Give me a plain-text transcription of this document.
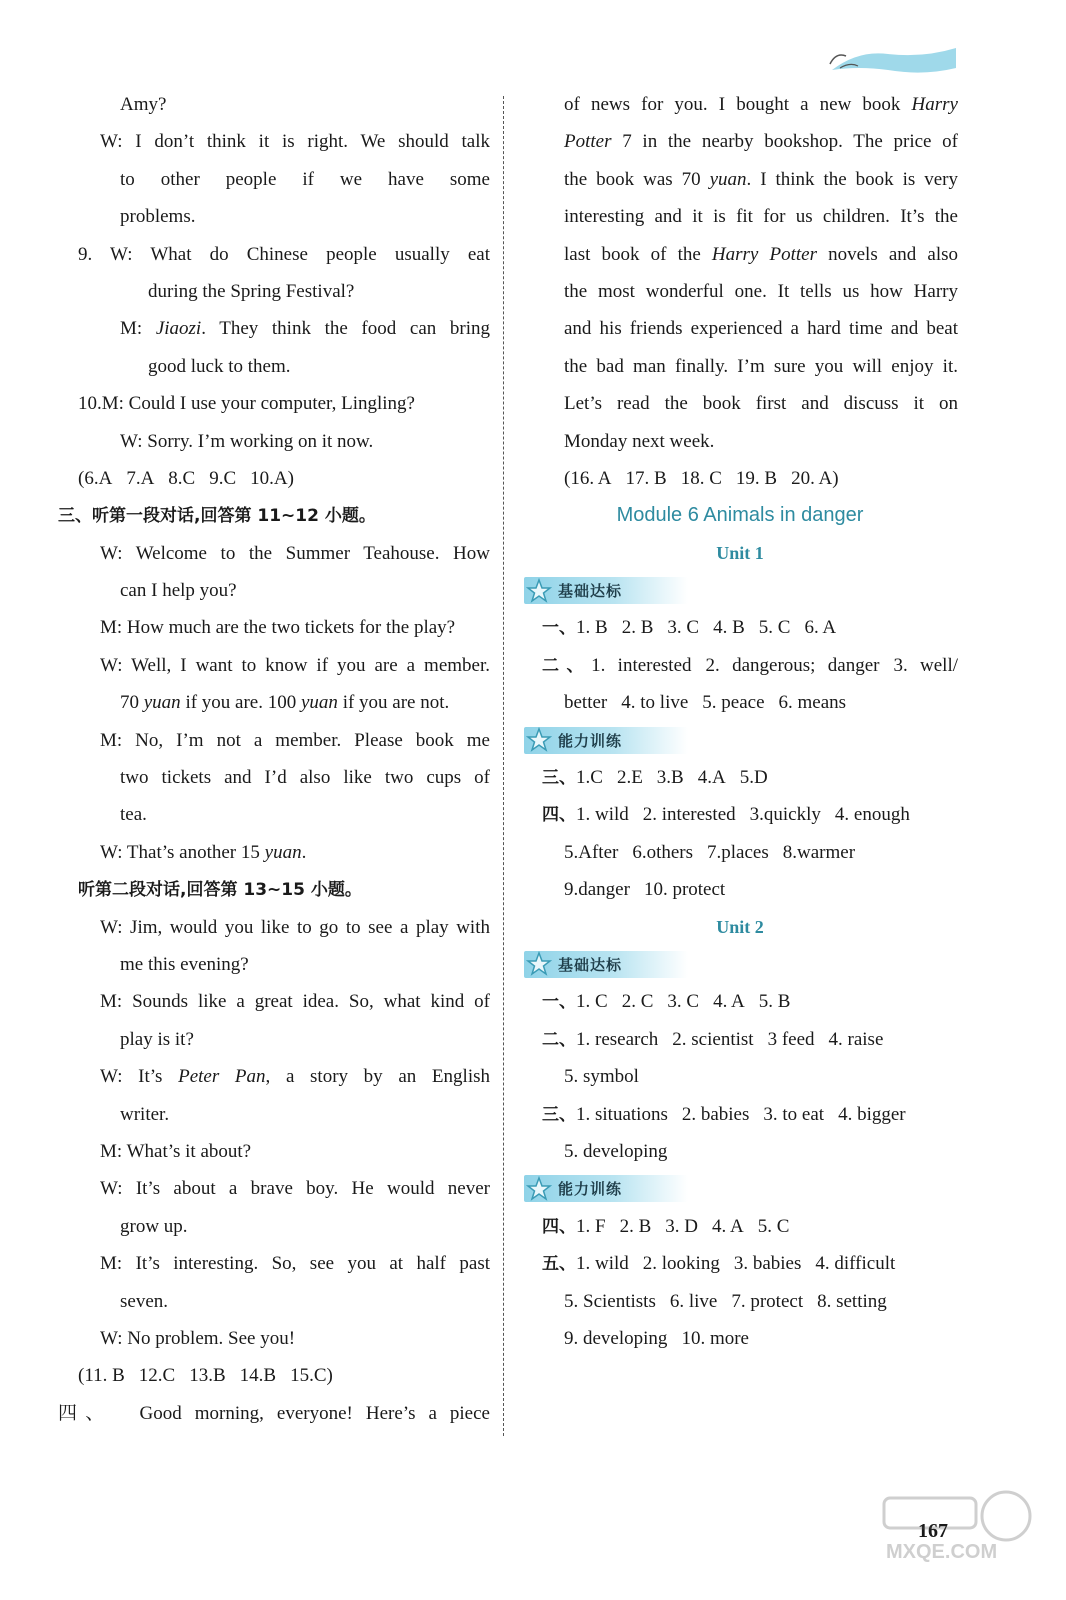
Amy?
W: I don’t think it is right. We should talk
to other people if we have some
problems.
9. W: What do Chinese people usually eat
during the Spring Festival?
M: Jiaozi. They think the food can bring
good luck to them.
10.M: Could I use your computer, Lingling?
W: Sorry. I’m working on it now.
(6.A 7.A 8.C 9.C 10.A)
三、听第一段对话,回答第 11~12 小题。
W: Welcome to the Summer Teahouse. How
can I help you?
M: How much are the two tickets for the play?
W: Well, I want to know if you are a member.
70 yuan if you are. 100 yuan if you are not.
M: No, I’m not a member. Please book me
two tickets and I’d also like two cups of
tea.
W: That’s another 15 yuan.
听第二段对话,回答第 13~15 小题。
W: Jim, would you like to go to see a play with
me this evening?
M: Sounds like a great idea. So, what kind of
play is it?
W: It’s Peter Pan, a story by an English
writer.
M: What’s it about?
W: It’s about a brave boy. He would never
grow up.
M: It’s interesting. So, see you at half past
seven.
W: No problem. See you!
(11. B 12.C 13.B 14.B 15.C)
四、 Good morning, everyone! Here’s a piece
of news for you. I bought a new book Harry
Potter 7 in the nearby bookshop. The price of
the book was 70 yuan. I think the book is very
interesting and it is fit for us children. It’s the
last book of the Harry Potter novels and also
the most wonderful one. It tells us how Harry
and his friends experienced a hard time and beat
the bad man finally. I’m sure you will enjoy it.
Let’s read the book first and discuss it on
Monday next week.
(16. A 17. B 18. C 19. B 20. A)
Module 6 Animals in danger
Unit 1
基础达标
一、1. B 2. B 3. C 4. B 5. C 6. A
二、1. interested 2. dangerous; danger 3. well/
better 4. to live 5. peace 6. means
能力训练
三、1.C 2.E 3.B 4.A 5.D
四、1. wild 2. interested 3.quickly 4. enough
5.After 6.others 7.places 8.warmer
9.danger 10. protect
Unit 2
基础达标
一、1. C 2. C 3. C 4. A 5. B
二、1. research 2. scientist 3 feed 4. raise
5. symbol
三、1. situations 2. babies 3. to eat 4. bigger
5. developing
能力训练
四、1. F 2. B 3. D 4. A 5. C
五、1. wild 2. looking 3. babies 4. difficult
5. Scientists 6. live 7. protect 8. setting
9. developing 10. more
167
MXQE.COM
